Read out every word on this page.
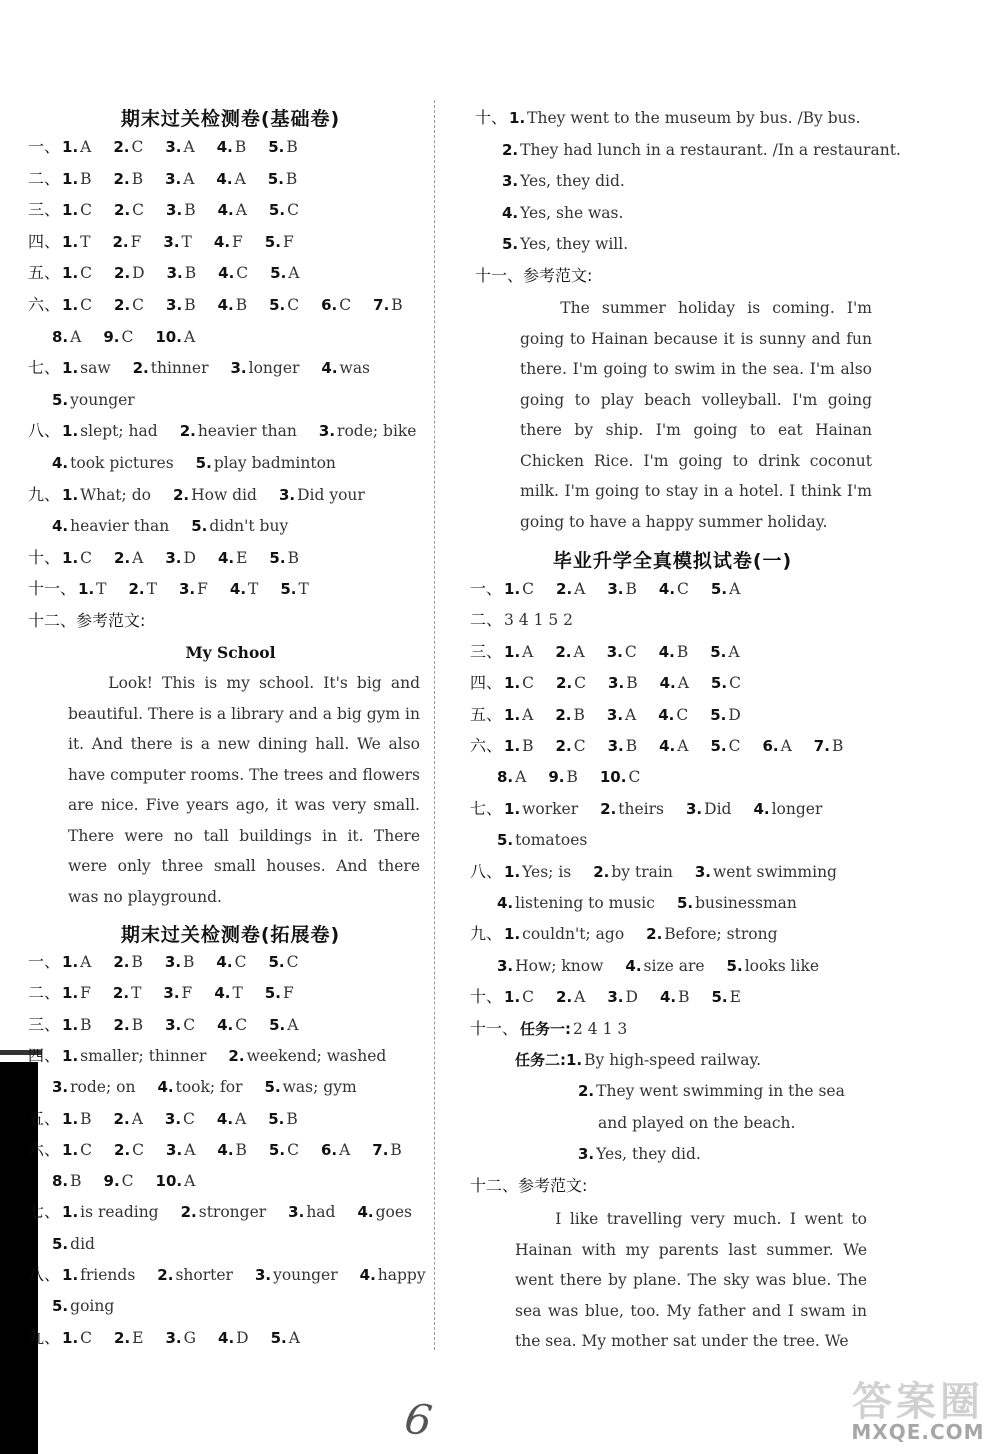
期末过关检测卷(基础卷)
一、 1. A 2. C 3. A 4. B 5. B
二、 1. B 2. B 3. A 4. A 5. B
三、 1. C 2. C 3. B 4. A 5. C
四、 1. T 2. F 3. T 4. F 5. F
五、 1. C 2. D 3. B 4. C 5. A
六、 1. C 2. C 3. B 4. B 5. C 6. C 7. B
8. A 9. C 10. A
七、 1. saw 2. thinner 3. longer 4. was
5. younger
八、 1. slept; had 2. heavier than 3. rode; bike
4. took pictures 5. play badminton
九、 1. What; do 2. How did 3. Did your
4. heavier than 5. didn't buy
十、 1. C 2. A 3. D 4. E 5. B
十一、 1. T 2. T 3. F 4. T 5. T
十二、参考范文:
My School

Look! This is my school. It's big and beautiful. There is a library and a big gym in it. And there is a new dining hall. We also have computer rooms. The trees and flowers are nice. Five years ago, it was very small. There were no tall buildings in it. There were only three small houses. And there was no playground.

期末过关检测卷(拓展卷)
一、 1. A 2. B 3. B 4. C 5. C
二、 1. F 2. T 3. F 4. T 5. F
三、 1. B 2. B 3. C 4. C 5. A
四、 1. smaller; thinner 2. weekend; washed
3. rode; on 4. took; for 5. was; gym
五、 1. B 2. A 3. C 4. A 5. B
六、 1. C 2. C 3. A 4. B 5. C 6. A 7. B
8. B 9. C 10. A
七、 1. is reading 2. stronger 3. had 4. goes
5. did
八、 1. friends 2. shorter 3. younger 4. happy
5. going
九、 1. C 2. E 3. G 4. D 5. A
十、 1. They went to the museum by bus. /By bus.
2. They had lunch in a restaurant. /In a restaurant.
3. Yes, they did.
4. Yes, she was.
5. Yes, they will.
十一、参考范文:

The summer holiday is coming. I'm going to Hainan because it is sunny and fun there. I'm going to swim in the sea. I'm also going to play beach volleyball. I'm going there by ship. I'm going to eat Hainan Chicken Rice. I'm going to drink coconut milk. I'm going to stay in a hotel. I think I'm going to have a happy summer holiday.

毕业升学全真模拟试卷(一)
一、 1. C 2. A 3. B 4. C 5. A
二、 3 4 1 5 2
三、 1. A 2. A 3. C 4. B 5. A
四、 1. C 2. C 3. B 4. A 5. C
五、 1. A 2. B 3. A 4. C 5. D
六、 1. B 2. C 3. B 4. A 5. C 6. A 7. B
8. A 9. B 10. C
七、 1. worker 2. theirs 3. Did 4. longer
5. tomatoes
八、 1. Yes; is 2. by train 3. went swimming
4. listening to music 5. businessman
九、 1. couldn't; ago 2. Before; strong
3. How; know 4. size are 5. looks like
十、 1. C 2. A 3. D 4. B 5. E
十一、 任务一: 2 4 1 3
任务二:1. By high-speed railway.
2. They went swimming in the sea
and played on the beach.
3. Yes, they did.
十二、参考范文:

I like travelling very much. I went to Hainan with my parents last summer. We went there by plane. The sky was blue. The sea was blue, too. My father and I swam in the sea. My mother sat under the tree. We

6	答案圈
MXQE.COM
